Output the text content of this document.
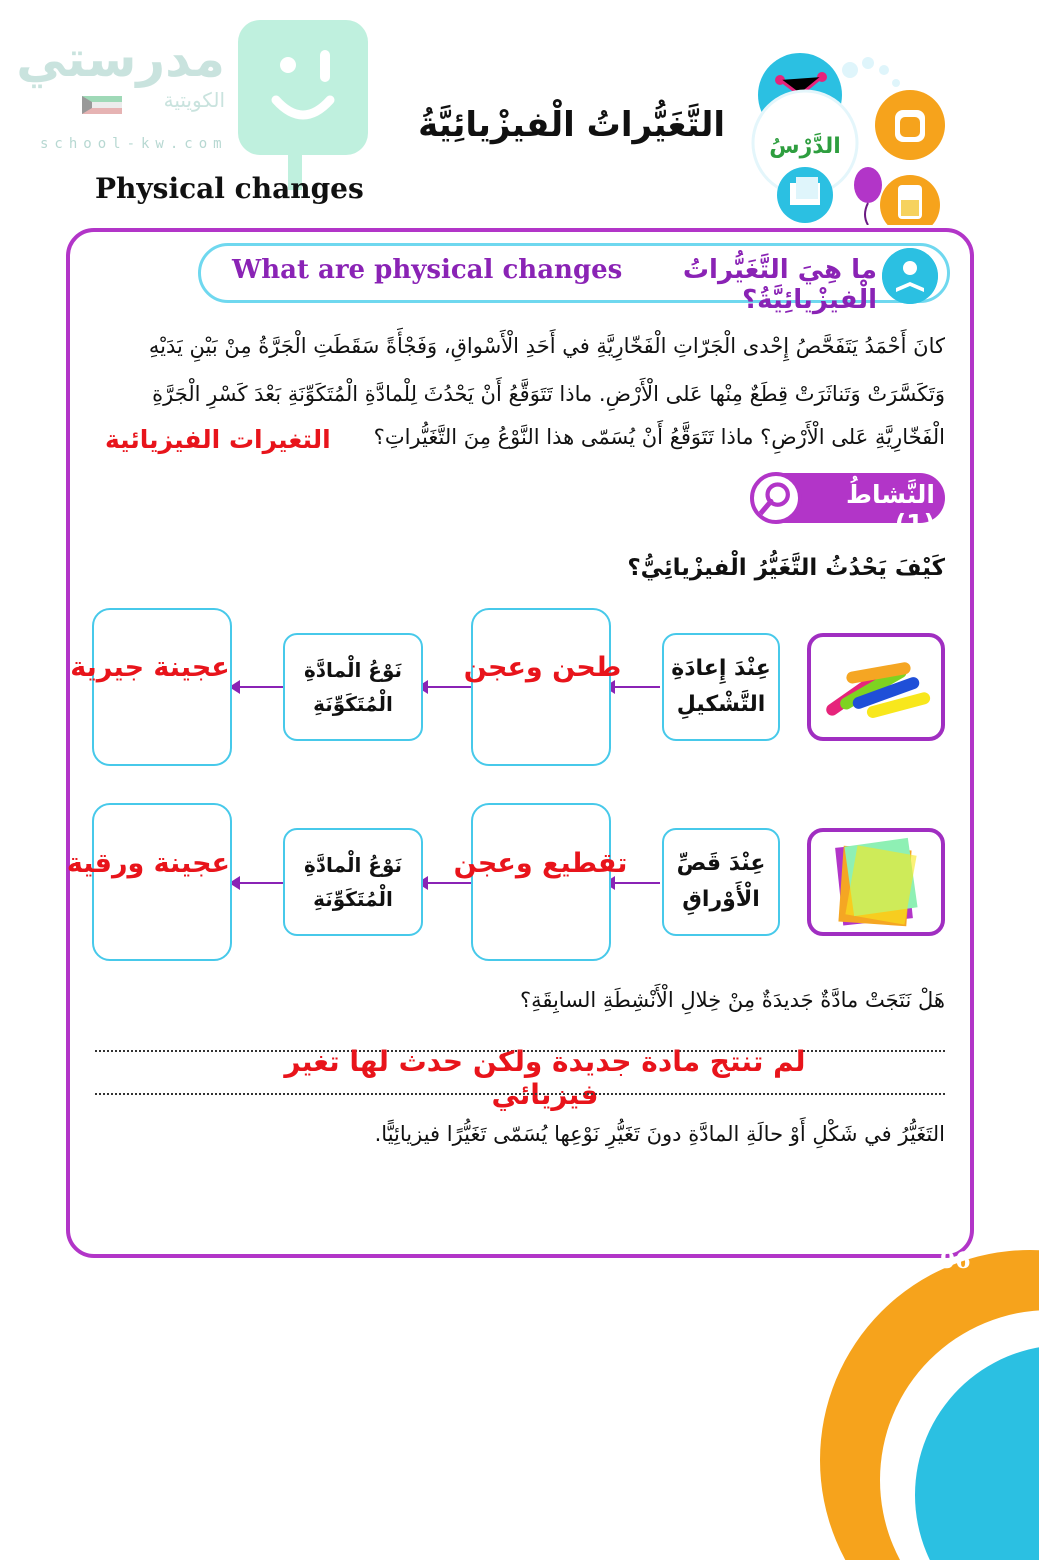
مدرستي
الكويتية
school-kw.com	التَّغَيُّراتُ الْفيزْيائِيَّةُ
Physical changes
الدَّرْسُ
ما هِيَ التَّغَيُّراتُ الْفيزْيائِيَّةُ؟
What are physical changes
كانَ أَحْمَدُ يَتَفَحَّصُ إِحْدى الْجَرّاتِ الْفَخّارِيَّةِ في أَحَدِ الْأَسْواقِ، وَفَجْأَةً سَقَطَتِ الْجَرَّةُ مِنْ بَيْنِ يَدَيْهِ
وَتَكَسَّرَتْ وَتَناثَرَتْ قِطَعٌ مِنْها عَلى الْأَرْضِ. ماذا تَتَوَقَّعُ أَنْ يَحْدُثَ لِلْمادَّةِ الْمُتَكَوِّنَةِ بَعْدَ كَسْرِ الْجَرَّةِ
الْفَخّارِيَّةِ عَلى الْأَرْضِ؟ ماذا تَتَوَقَّعُ أَنْ يُسَمّى هذا النَّوْعُ مِنَ التَّغَيُّراتِ؟
التغيرات الفيزيائية
النَّشاطُ (1)
كَيْفَ يَحْدُثُ التَّغَيُّرُ الْفيزْيائِيُّ؟
عِنْدَ إِعادَةِ
التَّشْكيلِ
طحن وعجن
نَوْعُ الْمادَّةِ
الْمُتَكَوِّنَةِ
عجينة جيرية
عِنْدَ قَصِّ
الْأَوْراقِ
تقطيع وعجن
نَوْعُ الْمادَّةِ
الْمُتَكَوِّنَةِ
عجينة ورقية
هَلْ نَتَجَتْ مادَّةٌ جَديدَةٌ مِنْ خِلالِ الْأَنْشِطَةِ السابِقَةِ؟
لم تنتج مادة جديدة ولكن حدث لها تغير فيزيائي
التَغَيُّرُ في شَكْلِ أَوْ حالَةِ المادَّةِ دونَ تَغَيُّرِ نَوْعِها يُسَمّى تَغَيُّرًا فيزيائِيًّا.
96
